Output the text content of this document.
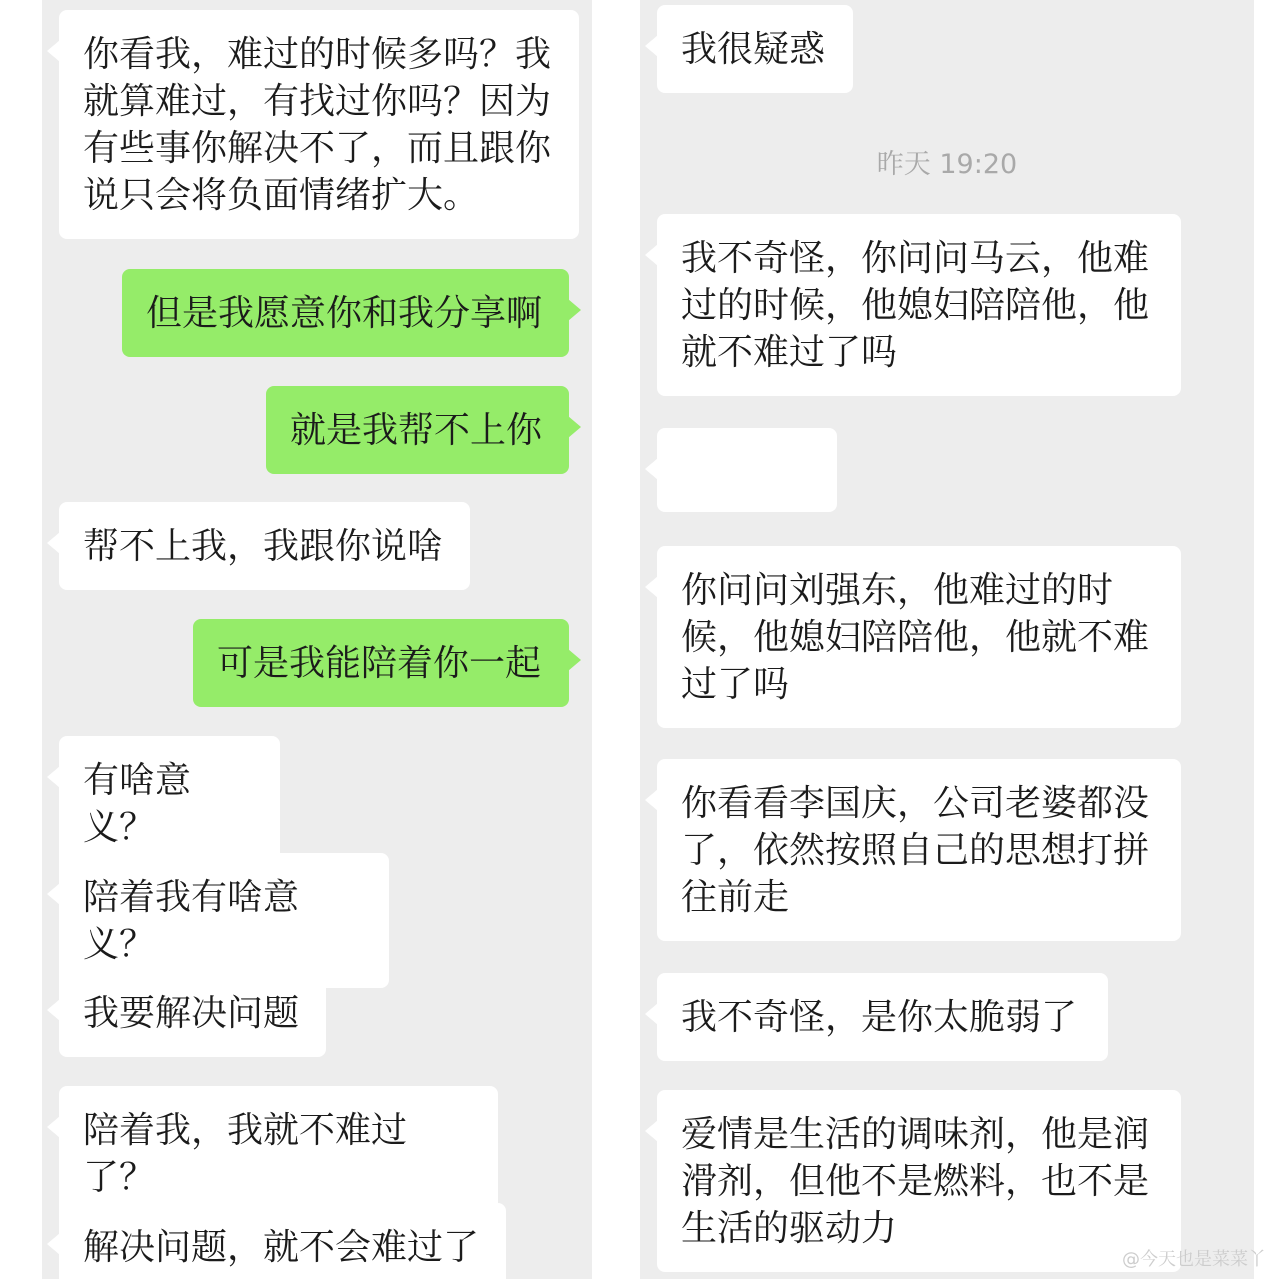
你看我，难过的时候多吗？我就算难过，有找过你吗？因为有些事你解决不了，而且跟你说只会将负面情绪扩大。
但是我愿意你和我分享啊
就是我帮不上你
帮不上我，我跟你说啥
可是我能陪着你一起
有啥意义？
陪着我有啥意义？
我要解决问题
陪着我，我就不难过了？
解决问题，就不会难过了
我很疑惑
昨天 19:20
我不奇怪，你问问马云，他难过的时候，他媳妇陪陪他，他就不难过了吗

你问问刘强东，他难过的时候，他媳妇陪陪他，他就不难过了吗
你看看李国庆，公司老婆都没了，依然按照自己的思想打拼往前走
我不奇怪，是你太脆弱了
爱情是生活的调味剂，他是润滑剂，但他不是燃料，也不是生活的驱动力
@今天也是菜菜丫
